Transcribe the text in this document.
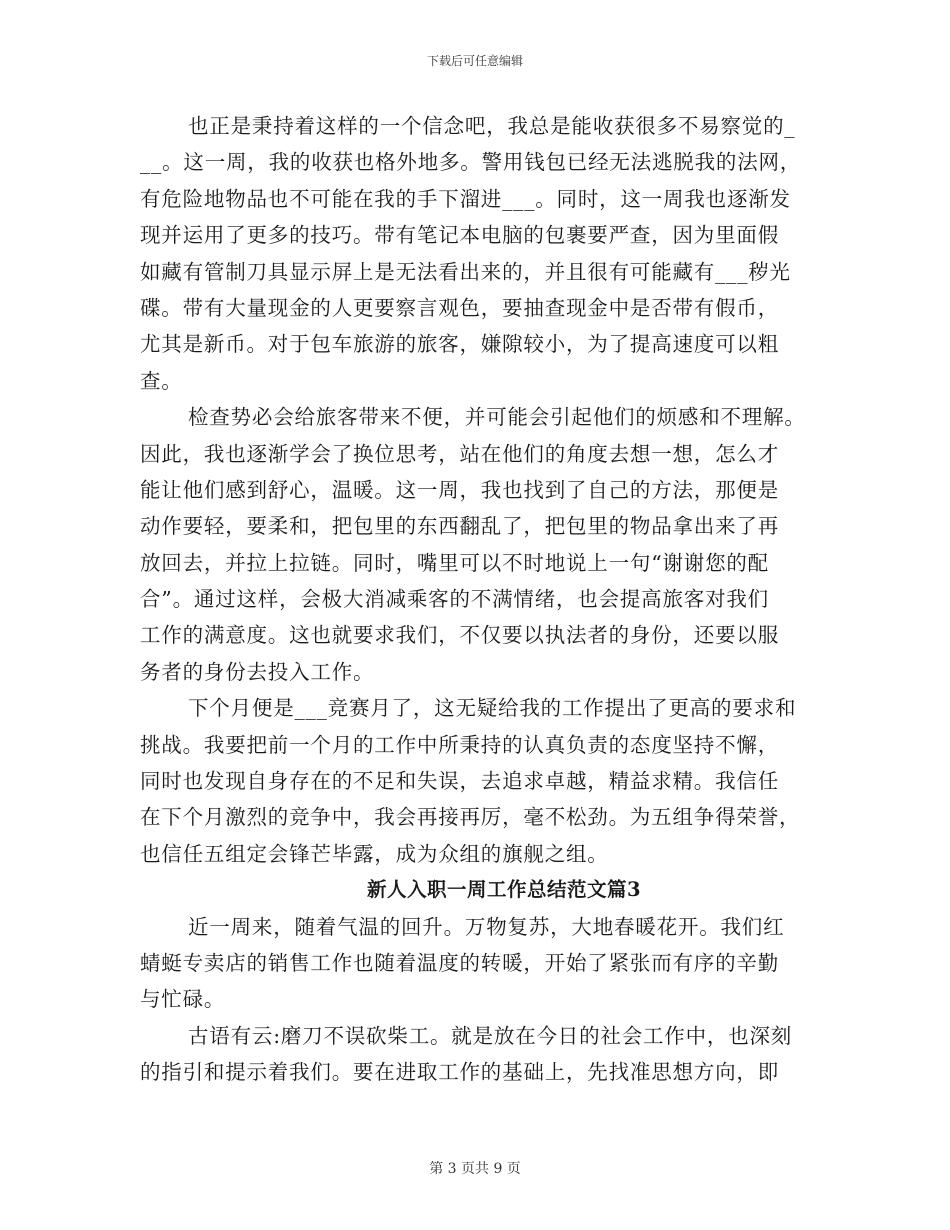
下载后可任意编辑
也正是秉持着这样的一个信念吧，我总是能收获很多不易察觉的_
__。这一周，我的收获也格外地多。警用钱包已经无法逃脱我的法网，
有危险地物品也不可能在我的手下溜进___。同时，这一周我也逐渐发
现并运用了更多的技巧。带有笔记本电脑的包裹要严查，因为里面假
如藏有管制刀具显示屏上是无法看出来的，并且很有可能藏有___秽光
碟。带有大量现金的人更要察言观色，要抽查现金中是否带有假币，
尤其是新币。对于包车旅游的旅客，嫌隙较小，为了提高速度可以粗
查。
检查势必会给旅客带来不便，并可能会引起他们的烦感和不理解。
因此，我也逐渐学会了换位思考，站在他们的角度去想一想，怎么才
能让他们感到舒心，温暖。这一周，我也找到了自己的方法，那便是
动作要轻，要柔和，把包里的东西翻乱了，把包里的物品拿出来了再
放回去，并拉上拉链。同时，嘴里可以不时地说上一句“谢谢您的配
合”。通过这样，会极大消减乘客的不满情绪，也会提高旅客对我们
工作的满意度。这也就要求我们，不仅要以执法者的身份，还要以服
务者的身份去投入工作。
下个月便是___竞赛月了，这无疑给我的工作提出了更高的要求和
挑战。我要把前一个月的工作中所秉持的认真负责的态度坚持不懈，
同时也发现自身存在的不足和失误，去追求卓越，精益求精。我信任
在下个月激烈的竞争中，我会再接再厉，毫不松劲。为五组争得荣誉，
也信任五组定会锋芒毕露，成为众组的旗舰之组。
新人入职一周工作总结范文篇3
近一周来，随着气温的回升。万物复苏，大地春暖花开。我们红
蜻蜓专卖店的销售工作也随着温度的转暖，开始了紧张而有序的辛勤
与忙碌。
古语有云:磨刀不误砍柴工。就是放在今日的社会工作中，也深刻
的指引和提示着我们。要在进取工作的基础上，先找准思想方向，即
第 3 页共 9 页
